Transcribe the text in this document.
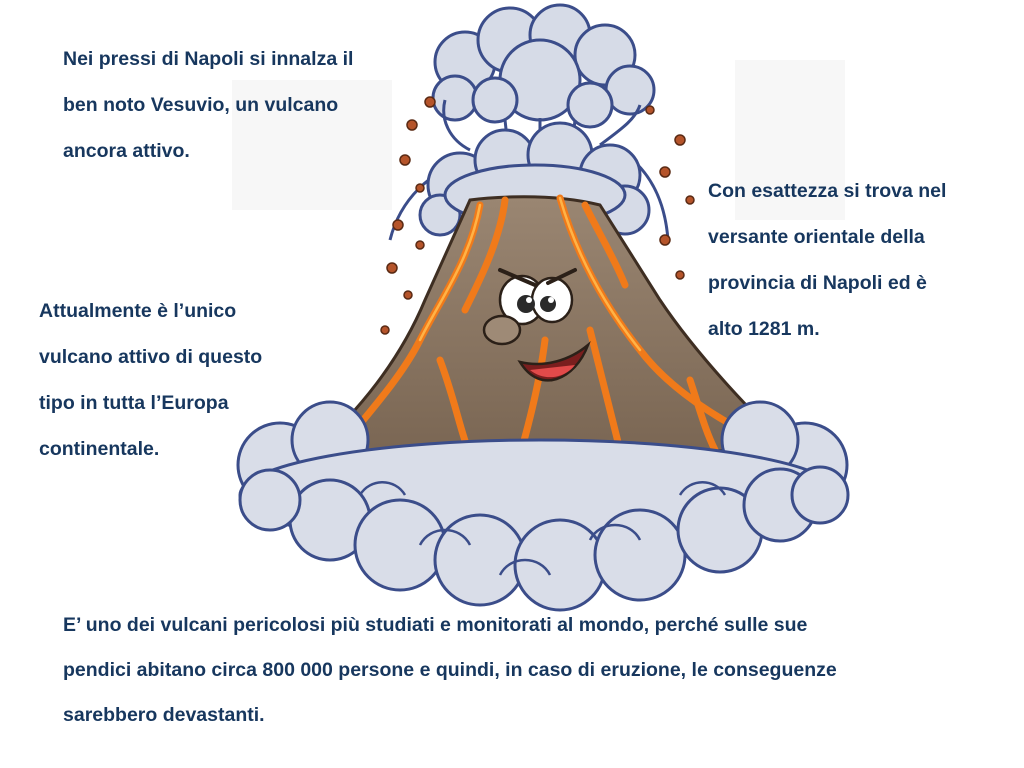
Nei pressi di Napoli si innalza il
ben noto Vesuvio, un vulcano
ancora attivo.

Con esattezza si trova nel
versante orientale della
provincia di Napoli ed è
alto 1281 m.

Attualmente è l’unico
vulcano attivo di questo
tipo in tutta l’Europa
continentale.

E’ uno dei vulcani pericolosi più studiati e monitorati al mondo, perché sulle sue
pendici abitano circa 800 000 persone e quindi, in caso di eruzione, le conseguenze
sarebbero devastanti.
